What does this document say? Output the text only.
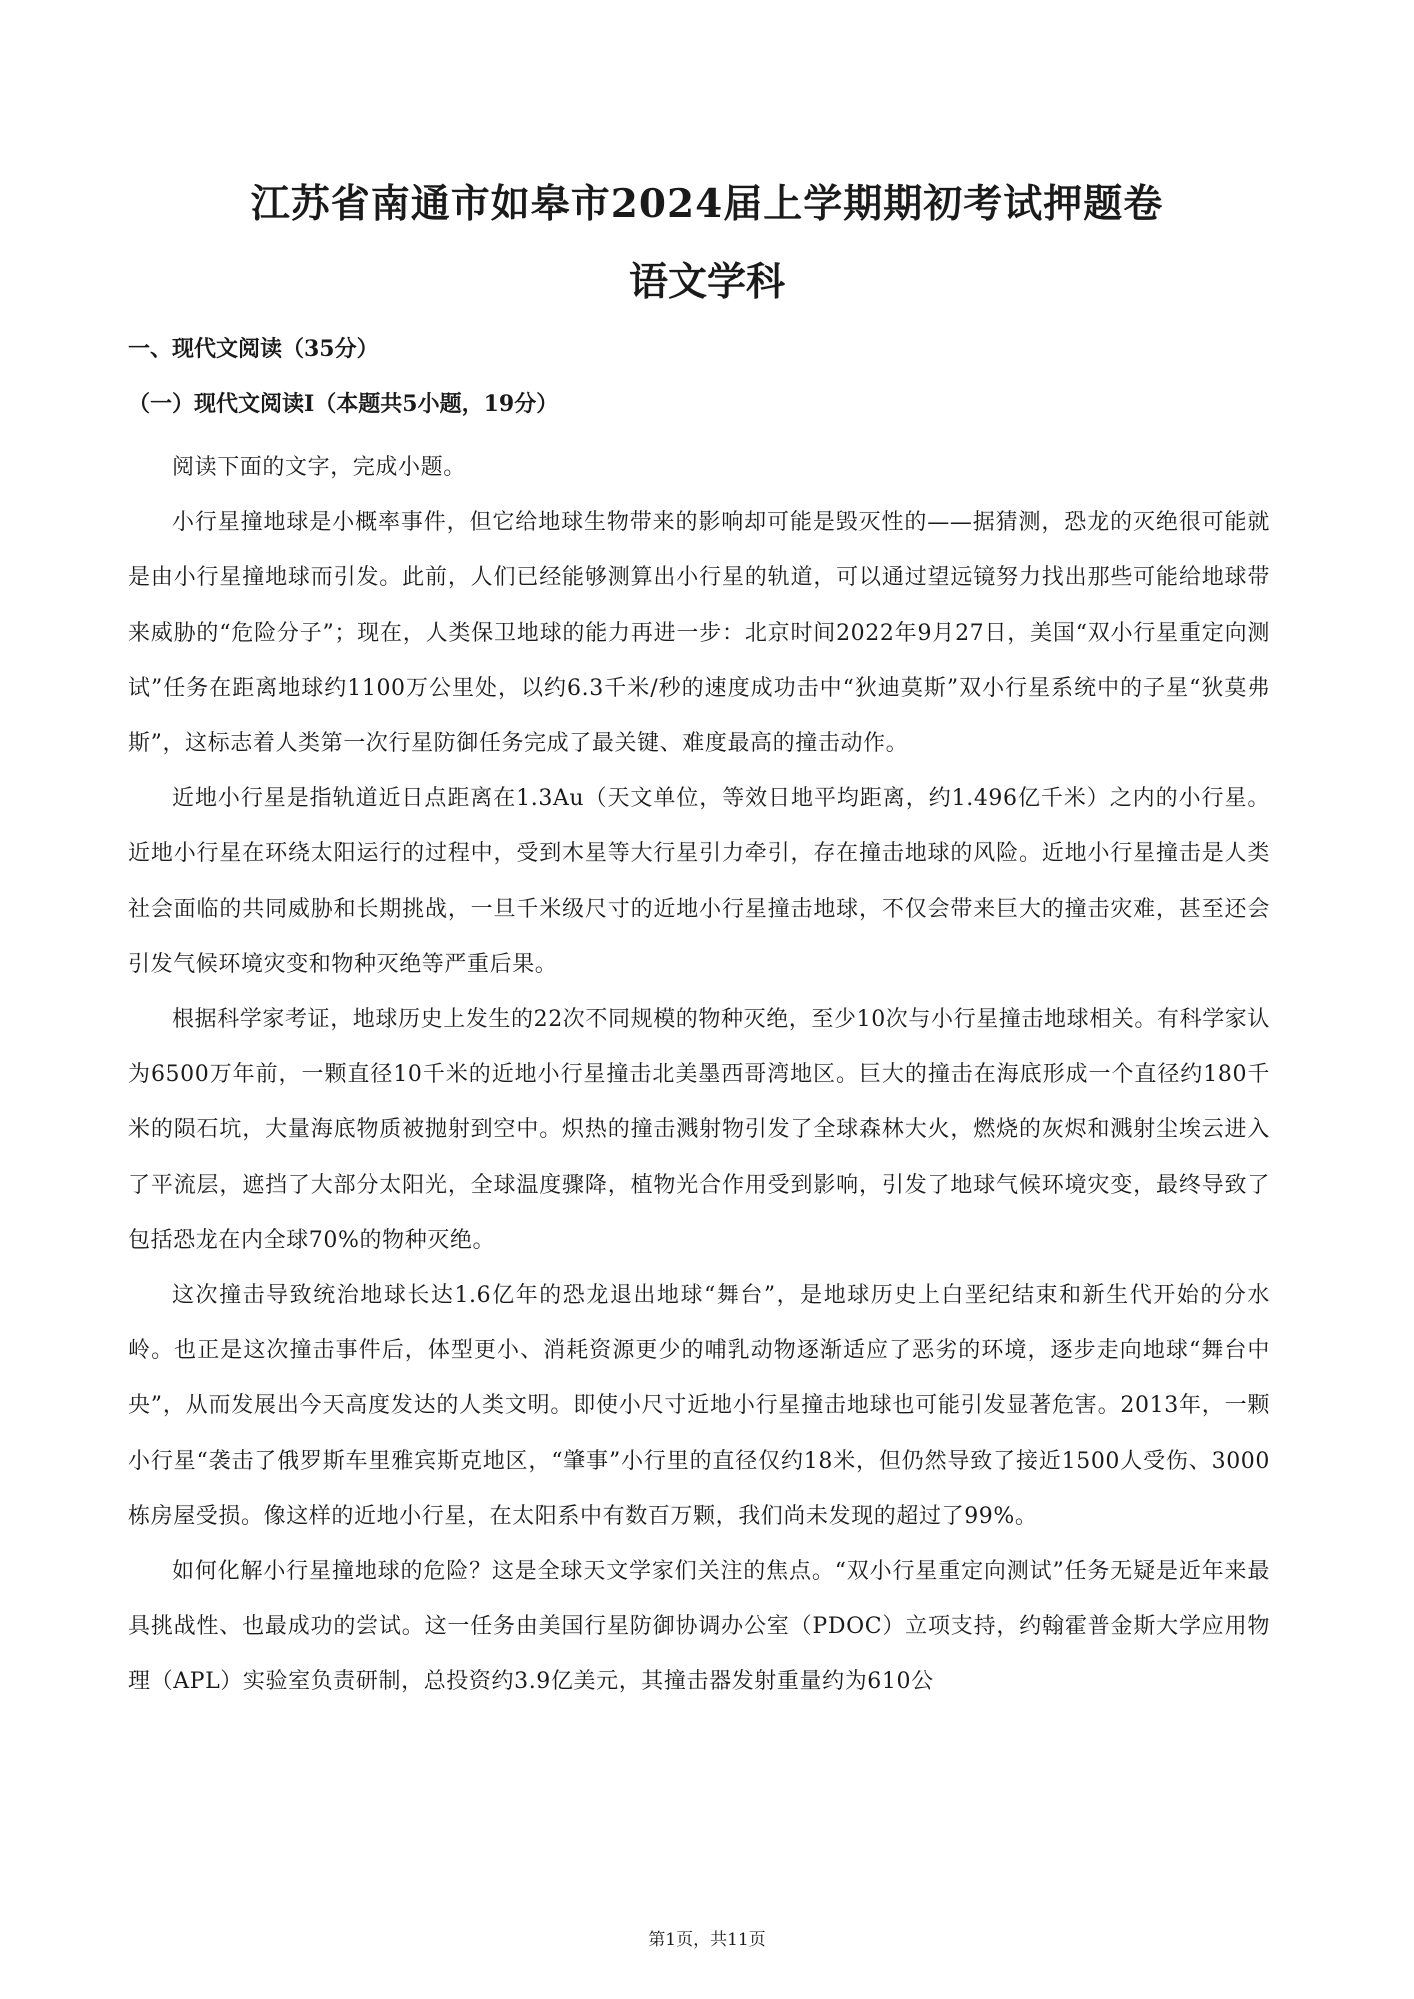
江苏省南通市如皋市2024届上学期期初考试押题卷
语文学科
一、现代文阅读（35分）
（一）现代文阅读Ⅰ（本题共5小题，19分）

阅读下面的文字，完成小题。

小行星撞地球是小概率事件，但它给地球生物带来的影响却可能是毁灭性的——据猜测，恐龙的灭绝很可能就是由小行星撞地球而引发。此前，人们已经能够测算出小行星的轨道，可以通过望远镜努力找出那些可能给地球带来威胁的“危险分子”；现在，人类保卫地球的能力再进一步：北京时间2022年9月27日，美国“双小行星重定向测试”任务在距离地球约1100万公里处，以约6.3千米/秒的速度成功击中“狄迪莫斯”双小行星系统中的子星“狄莫弗斯”，这标志着人类第一次行星防御任务完成了最关键、难度最高的撞击动作。

近地小行星是指轨道近日点距离在1.3Au（天文单位，等效日地平均距离，约1.496亿千米）之内的小行星。近地小行星在环绕太阳运行的过程中，受到木星等大行星引力牵引，存在撞击地球的风险。近地小行星撞击是人类社会面临的共同威胁和长期挑战，一旦千米级尺寸的近地小行星撞击地球，不仅会带来巨大的撞击灾难，甚至还会引发气候环境灾变和物种灭绝等严重后果。

根据科学家考证，地球历史上发生的22次不同规模的物种灭绝，至少10次与小行星撞击地球相关。有科学家认为6500万年前，一颗直径10千米的近地小行星撞击北美墨西哥湾地区。巨大的撞击在海底形成一个直径约180千米的陨石坑，大量海底物质被抛射到空中。炽热的撞击溅射物引发了全球森林大火，燃烧的灰烬和溅射尘埃云进入了平流层，遮挡了大部分太阳光，全球温度骤降，植物光合作用受到影响，引发了地球气候环境灾变，最终导致了包括恐龙在内全球70%的物种灭绝。

这次撞击导致统治地球长达1.6亿年的恐龙退出地球“舞台”，是地球历史上白垩纪结束和新生代开始的分水岭。也正是这次撞击事件后，体型更小、消耗资源更少的哺乳动物逐渐适应了恶劣的环境，逐步走向地球“舞台中央”，从而发展出今天高度发达的人类文明。即使小尺寸近地小行星撞击地球也可能引发显著危害。2013年，一颗小行星“袭击了俄罗斯车里雅宾斯克地区，“肇事”小行里的直径仅约18米，但仍然导致了接近1500人受伤、3000栋房屋受损。像这样的近地小行星，在太阳系中有数百万颗，我们尚未发现的超过了99%。

如何化解小行星撞地球的危险？这是全球天文学家们关注的焦点。“双小行星重定向测试”任务无疑是近年来最具挑战性、也最成功的尝试。这一任务由美国行星防御协调办公室（PDOC）立项支持，约翰霍普金斯大学应用物理（APL）实验室负责研制，总投资约3.9亿美元，其撞击器发射重量约为610公

第1页，共11页
